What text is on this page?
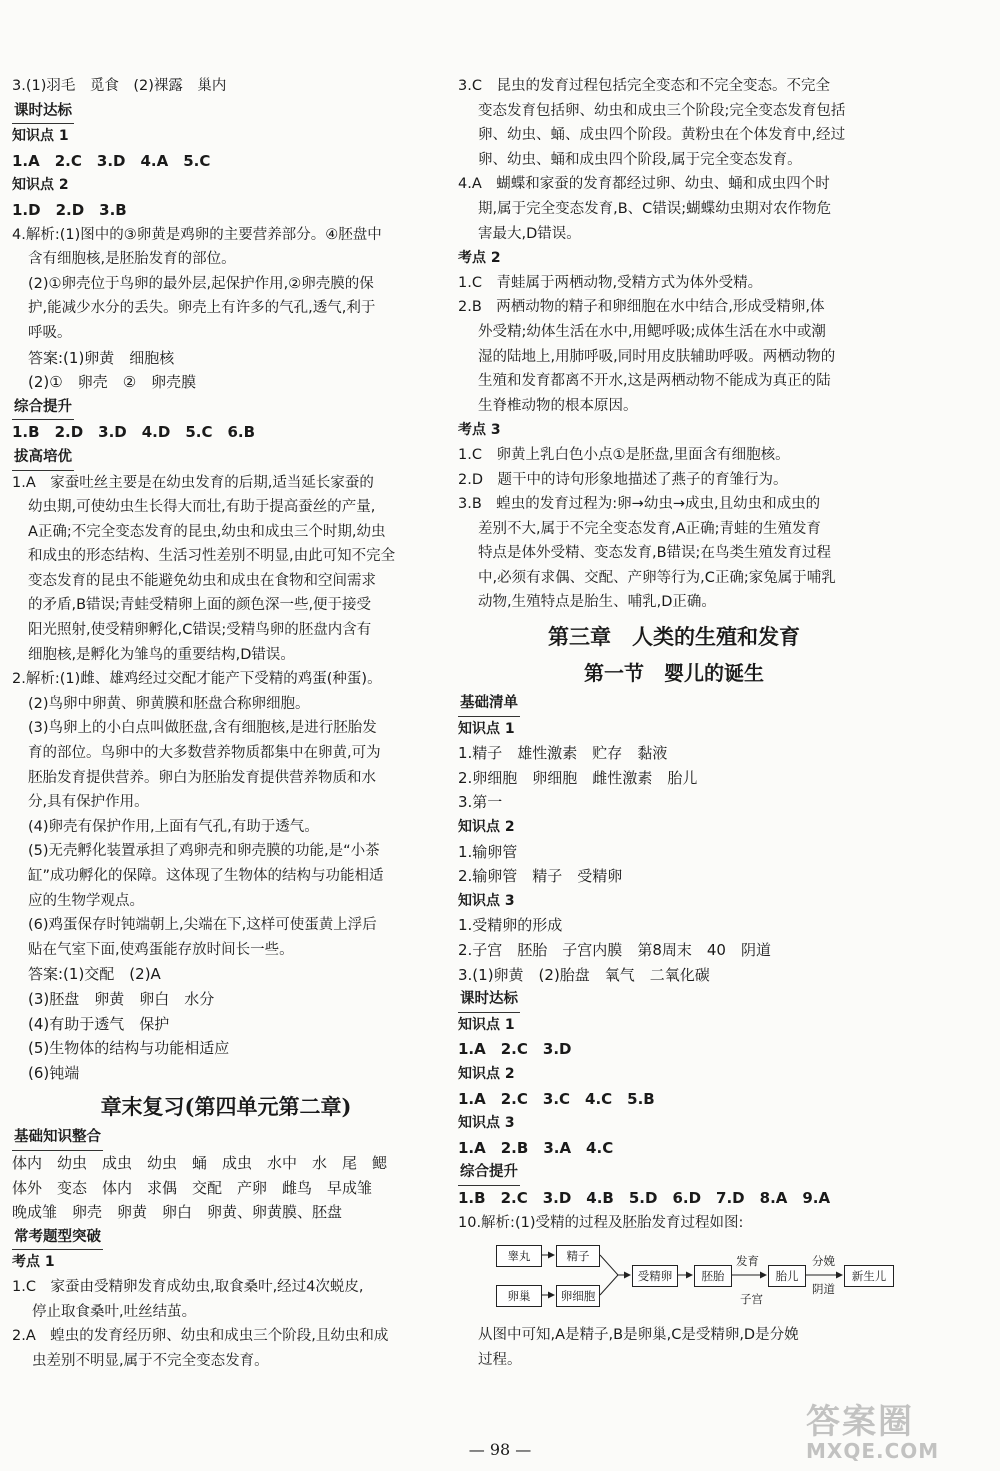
3.(1)羽毛　觅食　(2)裸露　巢内
课时达标
知识点 1
1.A　2.C　3.D　4.A　5.C
知识点 2
1.D　2.D　3.B
4.解析:(1)图中的③卵黄是鸡卵的主要营养部分。④胚盘中
含有细胞核,是胚胎发育的部位。
(2)①卵壳位于鸟卵的最外层,起保护作用,②卵壳膜的保
护,能减少水分的丢失。卵壳上有许多的气孔,透气,利于
呼吸。
答案:(1)卵黄　细胞核
(2)①　卵壳　②　卵壳膜
综合提升
1.B　2.D　3.D　4.D　5.C　6.B
拔高培优
1.A　家蚕吐丝主要是在幼虫发育的后期,适当延长家蚕的
幼虫期,可使幼虫生长得大而壮,有助于提高蚕丝的产量,
A正确;不完全变态发育的昆虫,幼虫和成虫三个时期,幼虫
和成虫的形态结构、生活习性差别不明显,由此可知不完全
变态发育的昆虫不能避免幼虫和成虫在食物和空间需求
的矛盾,B错误;青蛙受精卵上面的颜色深一些,便于接受
阳光照射,使受精卵孵化,C错误;受精鸟卵的胚盘内含有
细胞核,是孵化为雏鸟的重要结构,D错误。
2.解析:(1)雌、雄鸡经过交配才能产下受精的鸡蛋(种蛋)。
(2)鸟卵中卵黄、卵黄膜和胚盘合称卵细胞。
(3)鸟卵上的小白点叫做胚盘,含有细胞核,是进行胚胎发
育的部位。鸟卵中的大多数营养物质都集中在卵黄,可为
胚胎发育提供营养。卵白为胚胎发育提供营养物质和水
分,具有保护作用。
(4)卵壳有保护作用,上面有气孔,有助于透气。
(5)无壳孵化装置承担了鸡卵壳和卵壳膜的功能,是“小茶
缸”成功孵化的保障。这体现了生物体的结构与功能相适
应的生物学观点。
(6)鸡蛋保存时钝端朝上,尖端在下,这样可使蛋黄上浮后
贴在气室下面,使鸡蛋能存放时间长一些。
答案:(1)交配　(2)A
(3)胚盘　卵黄　卵白　水分
(4)有助于透气　保护
(5)生物体的结构与功能相适应
(6)钝端
章末复习(第四单元第二章)
基础知识整合
体内　幼虫　成虫　幼虫　蛹　成虫　水中　水　尾　鳃
体外　变态　体内　求偶　交配　产卵　雌鸟　早成雏
晚成雏　卵壳　卵黄　卵白　卵黄、卵黄膜、胚盘
常考题型突破
考点 1
1.C　家蚕由受精卵发育成幼虫,取食桑叶,经过4次蜕皮,
停止取食桑叶,吐丝结茧。
2.A　蝗虫的发育经历卵、幼虫和成虫三个阶段,且幼虫和成
虫差别不明显,属于不完全变态发育。
3.C　昆虫的发育过程包括完全变态和不完全变态。不完全
变态发育包括卵、幼虫和成虫三个阶段;完全变态发育包括
卵、幼虫、蛹、成虫四个阶段。黄粉虫在个体发育中,经过
卵、幼虫、蛹和成虫四个阶段,属于完全变态发育。
4.A　蝴蝶和家蚕的发育都经过卵、幼虫、蛹和成虫四个时
期,属于完全变态发育,B、C错误;蝴蝶幼虫期对农作物危
害最大,D错误。
考点 2
1.C　青蛙属于两栖动物,受精方式为体外受精。
2.B　两栖动物的精子和卵细胞在水中结合,形成受精卵,体
外受精;幼体生活在水中,用鳃呼吸;成体生活在水中或潮
湿的陆地上,用肺呼吸,同时用皮肤辅助呼吸。两栖动物的
生殖和发育都离不开水,这是两栖动物不能成为真正的陆
生脊椎动物的根本原因。
考点 3
1.C　卵黄上乳白色小点①是胚盘,里面含有细胞核。
2.D　题干中的诗句形象地描述了燕子的育雏行为。
3.B　蝗虫的发育过程为:卵→幼虫→成虫,且幼虫和成虫的
差别不大,属于不完全变态发育,A正确;青蛙的生殖发育
特点是体外受精、变态发育,B错误;在鸟类生殖发育过程
中,必须有求偶、交配、产卵等行为,C正确;家兔属于哺乳
动物,生殖特点是胎生、哺乳,D正确。
第三章　人类的生殖和发育
第一节　婴儿的诞生
基础清单
知识点 1
1.精子　雄性激素　贮存　黏液
2.卵细胞　卵细胞　雌性激素　胎儿
3.第一
知识点 2
1.输卵管
2.输卵管　精子　受精卵
知识点 3
1.受精卵的形成
2.子宫　胚胎　子宫内膜　第8周末　40　阴道
3.(1)卵黄　(2)胎盘　氧气　二氧化碳
课时达标
知识点 1
1.A　2.C　3.D
知识点 2
1.A　2.C　3.C　4.C　5.B
知识点 3
1.A　2.B　3.A　4.C
综合提升
1.B　2.C　3.D　4.B　5.D　6.D　7.D　8.A　9.A
10.解析:(1)受精的过程及胚胎发育过程如图:
睾丸	精子
卵巢	卵细胞
受精卵	胚胎
发育
子宫
胎儿
分娩
阴道
新生儿
从图中可知,A是精子,B是卵巢,C是受精卵,D是分娩
过程。
— 98 —
答案圈
MXQE.COM
